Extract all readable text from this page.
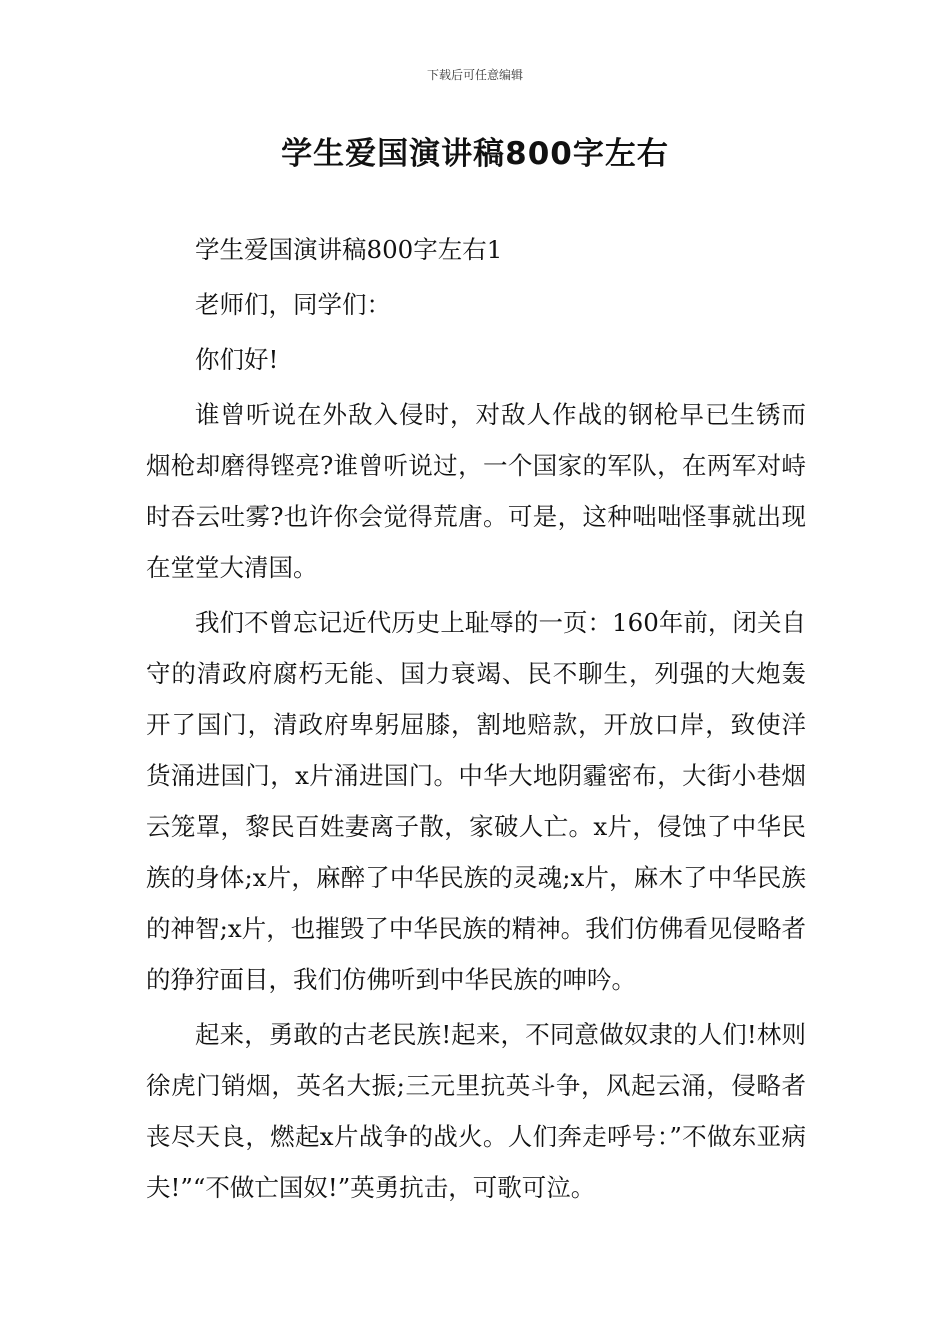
下载后可任意编辑
学生爱国演讲稿800字左右

学生爱国演讲稿800字左右1

老师们，同学们：

你们好!

谁曾听说在外敌入侵时，对敌人作战的钢枪早已生锈而烟枪却磨得铿亮?谁曾听说过，一个国家的军队，在两军对峙时吞云吐雾?也许你会觉得荒唐。可是，这种咄咄怪事就出现在堂堂大清国。

我们不曾忘记近代历史上耻辱的一页：160年前，闭关自守的清政府腐朽无能、国力衰竭、民不聊生，列强的大炮轰开了国门，清政府卑躬屈膝，割地赔款，开放口岸，致使洋货涌进国门，x片涌进国门。中华大地阴霾密布，大街小巷烟云笼罩，黎民百姓妻离子散，家破人亡。x片，侵蚀了中华民族的身体;x片，麻醉了中华民族的灵魂;x片，麻木了中华民族的神智;x片，也摧毁了中华民族的精神。我们仿佛看见侵略者的狰狞面目，我们仿佛听到中华民族的呻吟。

起来，勇敢的古老民族!起来，不同意做奴隶的人们!林则徐虎门销烟，英名大振;三元里抗英斗争，风起云涌，侵略者丧尽天良，燃起x片战争的战火。人们奔走呼号：”不做东亚病夫!”“不做亡国奴!”英勇抗击，可歌可泣。
